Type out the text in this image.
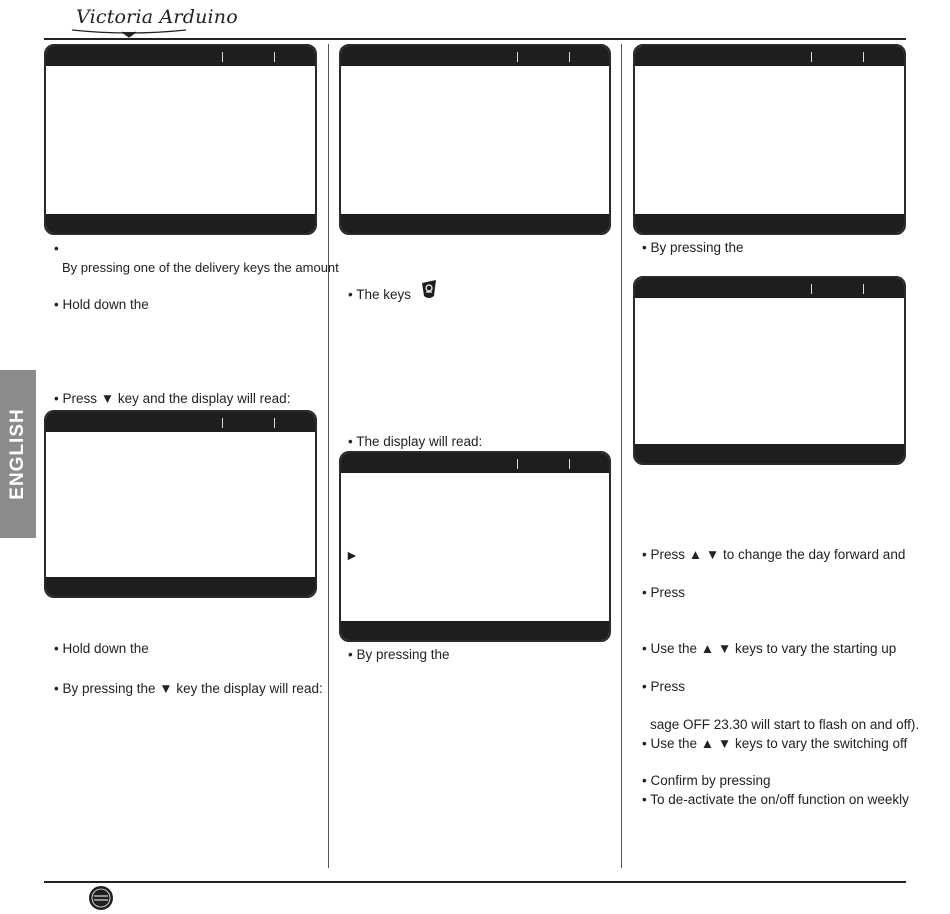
Victoria Arduino
ENGLISH
•
By pressing one of the delivery keys the amount
• Hold down the
• Press ▼ key and the display will read:
• Hold down the
• By pressing the ▼ key the display will read:
• The keys
• The display will read:
►
• By pressing the
• By pressing the
• Press ▲ ▼ to change the day forward and
• Press
• Use the ▲ ▼ keys to vary the starting up
• Press
sage OFF 23.30 will start to flash on and off).
• Use the ▲ ▼ keys to vary the switching off
• Confirm by pressing
• To de-activate the on/off function on weekly
